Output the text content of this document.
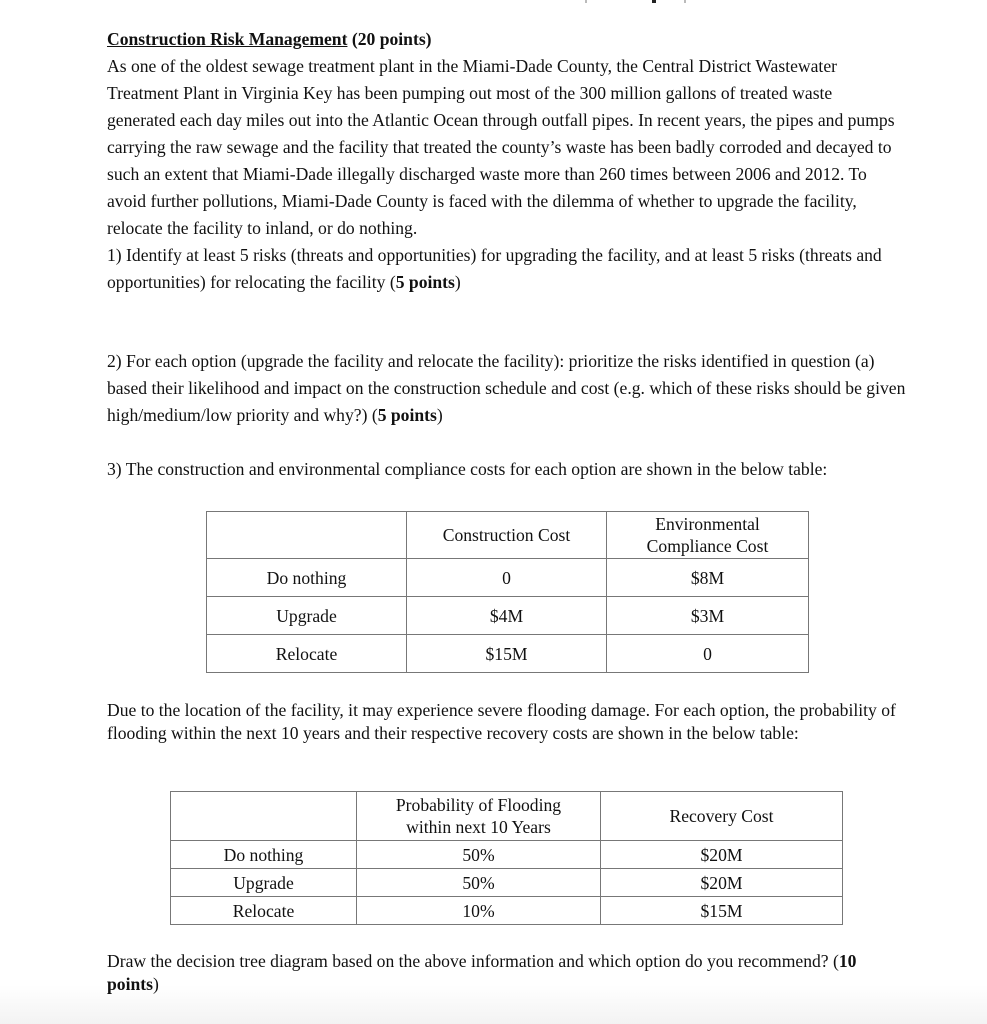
Construction Risk Management (20 points)

As one of the oldest sewage treatment plant in the Miami-Dade County, the Central District Wastewater Treatment Plant in Virginia Key has been pumping out most of the 300 million gallons of treated waste generated each day miles out into the Atlantic Ocean through outfall pipes. In recent years, the pipes and pumps carrying the raw sewage and the facility that treated the county’s waste has been badly corroded and decayed to such an extent that Miami-Dade illegally discharged waste more than 260 times between 2006 and 2012. To avoid further pollutions, Miami-Dade County is faced with the dilemma of whether to upgrade the facility, relocate the facility to inland, or do nothing.

1) Identify at least 5 risks (threats and opportunities) for upgrading the facility, and at least 5 risks (threats and opportunities) for relocating the facility (5 points)

2) For each option (upgrade the facility and relocate the facility): prioritize the risks identified in question (a) based their likelihood and impact on the construction schedule and cost (e.g. which of these risks should be given high/medium/low priority and why?) (5 points)
3) The construction and environmental compliance costs for each option are shown in the below table:
	Construction Cost	Environmental
Compliance Cost
Do nothing	0	$8M
Upgrade	$4M	$3M
Relocate	$15M	0
Due to the location of the facility, it may experience severe flooding damage. For each option, the probability of flooding within the next 10 years and their respective recovery costs are shown in the below table:
	Probability of Flooding
within next 10 Years	Recovery Cost
Do nothing	50%	$20M
Upgrade	50%	$20M
Relocate	10%	$15M
Draw the decision tree diagram based on the above information and which option do you recommend? (10 points)
